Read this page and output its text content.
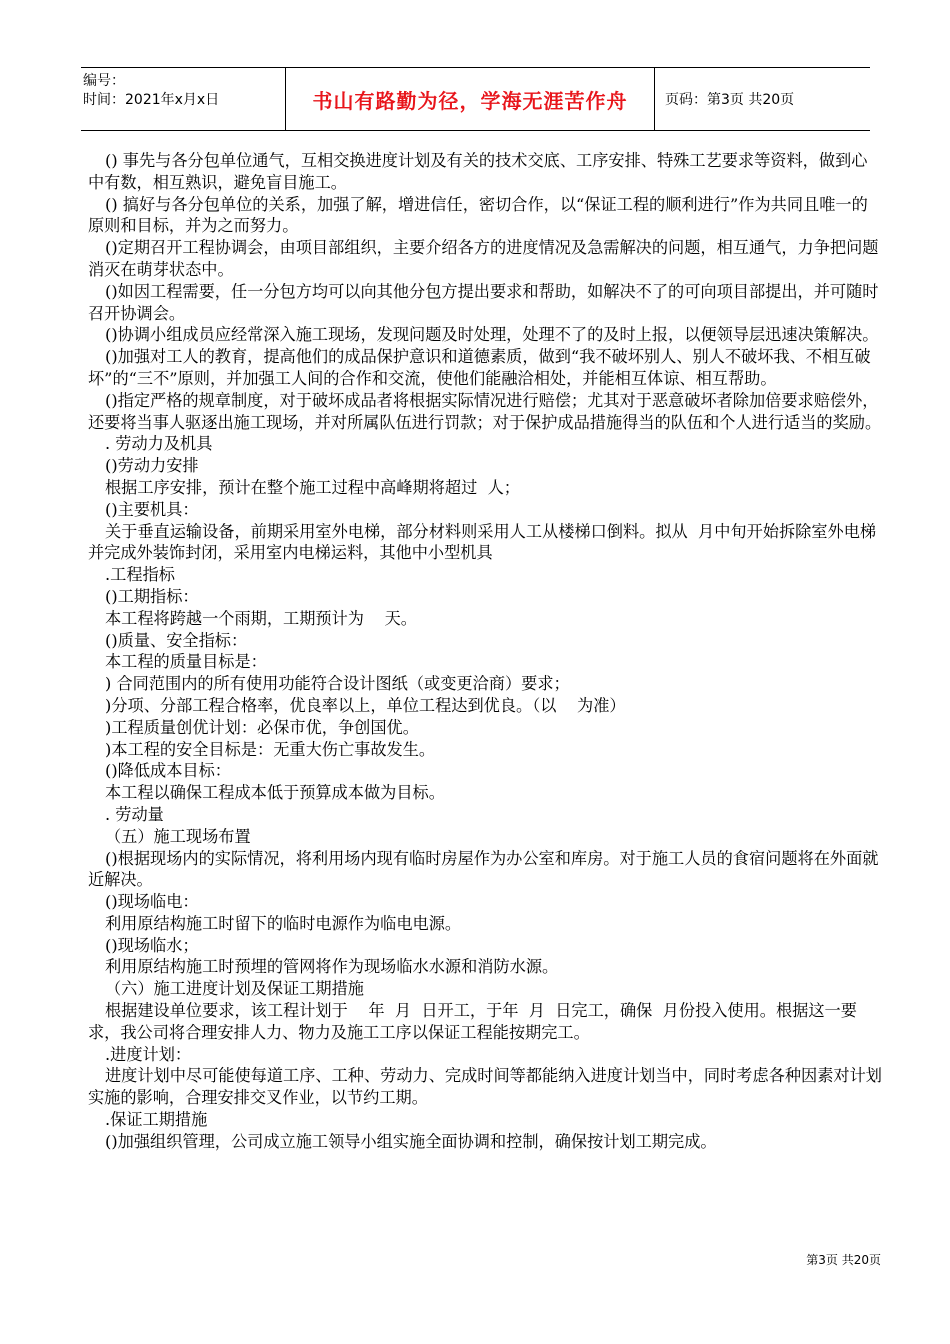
编号：
时间：2021年x月x日	书山有路勤为径，学海无涯苦作舟	页码：第3页 共20页

() 事先与各分包单位通气，互相交换进度计划及有关的技术交底、工序安排、特殊工艺要求等资料，做到心中有数，相互熟识，避免盲目施工。

() 搞好与各分包单位的关系，加强了解，增进信任，密切合作，以“保证工程的顺利进行”作为共同且唯一的原则和目标，并为之而努力。

()定期召开工程协调会，由项目部组织，主要介绍各方的进度情况及急需解决的问题，相互通气，力争把问题消灭在萌芽状态中。

()如因工程需要，任一分包方均可以向其他分包方提出要求和帮助，如解决不了的可向项目部提出，并可随时召开协调会。

()协调小组成员应经常深入施工现场，发现问题及时处理，处理不了的及时上报，以便领导层迅速决策解决。

()加强对工人的教育，提高他们的成品保护意识和道德素质，做到“我不破坏别人、别人不破坏我、不相互破坏”的“三不”原则，并加强工人间的合作和交流，使他们能融洽相处，并能相互体谅、相互帮助。

()指定严格的规章制度，对于破坏成品者将根据实际情况进行赔偿；尤其对于恶意破坏者除加倍要求赔偿外，还要将当事人驱逐出施工现场，并对所属队伍进行罚款；对于保护成品措施得当的队伍和个人进行适当的奖励。

. 劳动力及机具

()劳动力安排

根据工序安排，预计在整个施工过程中高峰期将超过  人；

()主要机具：

关于垂直运输设备，前期采用室外电梯，部分材料则采用人工从楼梯口倒料。拟从  月中旬开始拆除室外电梯并完成外装饰封闭，采用室内电梯运料，其他中小型机具

.工程指标

()工期指标：

本工程将跨越一个雨期，工期预计为    天。

()质量、安全指标：

本工程的质量目标是：

) 合同范围内的所有使用功能符合设计图纸（或变更洽商）要求；

)分项、分部工程合格率，优良率以上，单位工程达到优良。（以    为准）

)工程质量创优计划：必保市优，争创国优。

)本工程的安全目标是：无重大伤亡事故发生。

()降低成本目标：

本工程以确保工程成本低于预算成本做为目标。

. 劳动量

（五）施工现场布置

()根据现场内的实际情况，将利用场内现有临时房屋作为办公室和库房。对于施工人员的食宿问题将在外面就近解决。

()现场临电：

利用原结构施工时留下的临时电源作为临电电源。

()现场临水；

利用原结构施工时预埋的管网将作为现场临水水源和消防水源。

（六）施工进度计划及保证工期措施

根据建设单位要求，该工程计划于    年  月  日开工，于年  月  日完工，确保  月份投入使用。根据这一要求，我公司将合理安排人力、物力及施工工序以保证工程能按期完工。

.进度计划：

进度计划中尽可能使每道工序、工种、劳动力、完成时间等都能纳入进度计划当中，同时考虑各种因素对计划实施的影响，合理安排交叉作业，以节约工期。

.保证工期措施

()加强组织管理，公司成立施工领导小组实施全面协调和控制，确保按计划工期完成。

第3页 共20页
